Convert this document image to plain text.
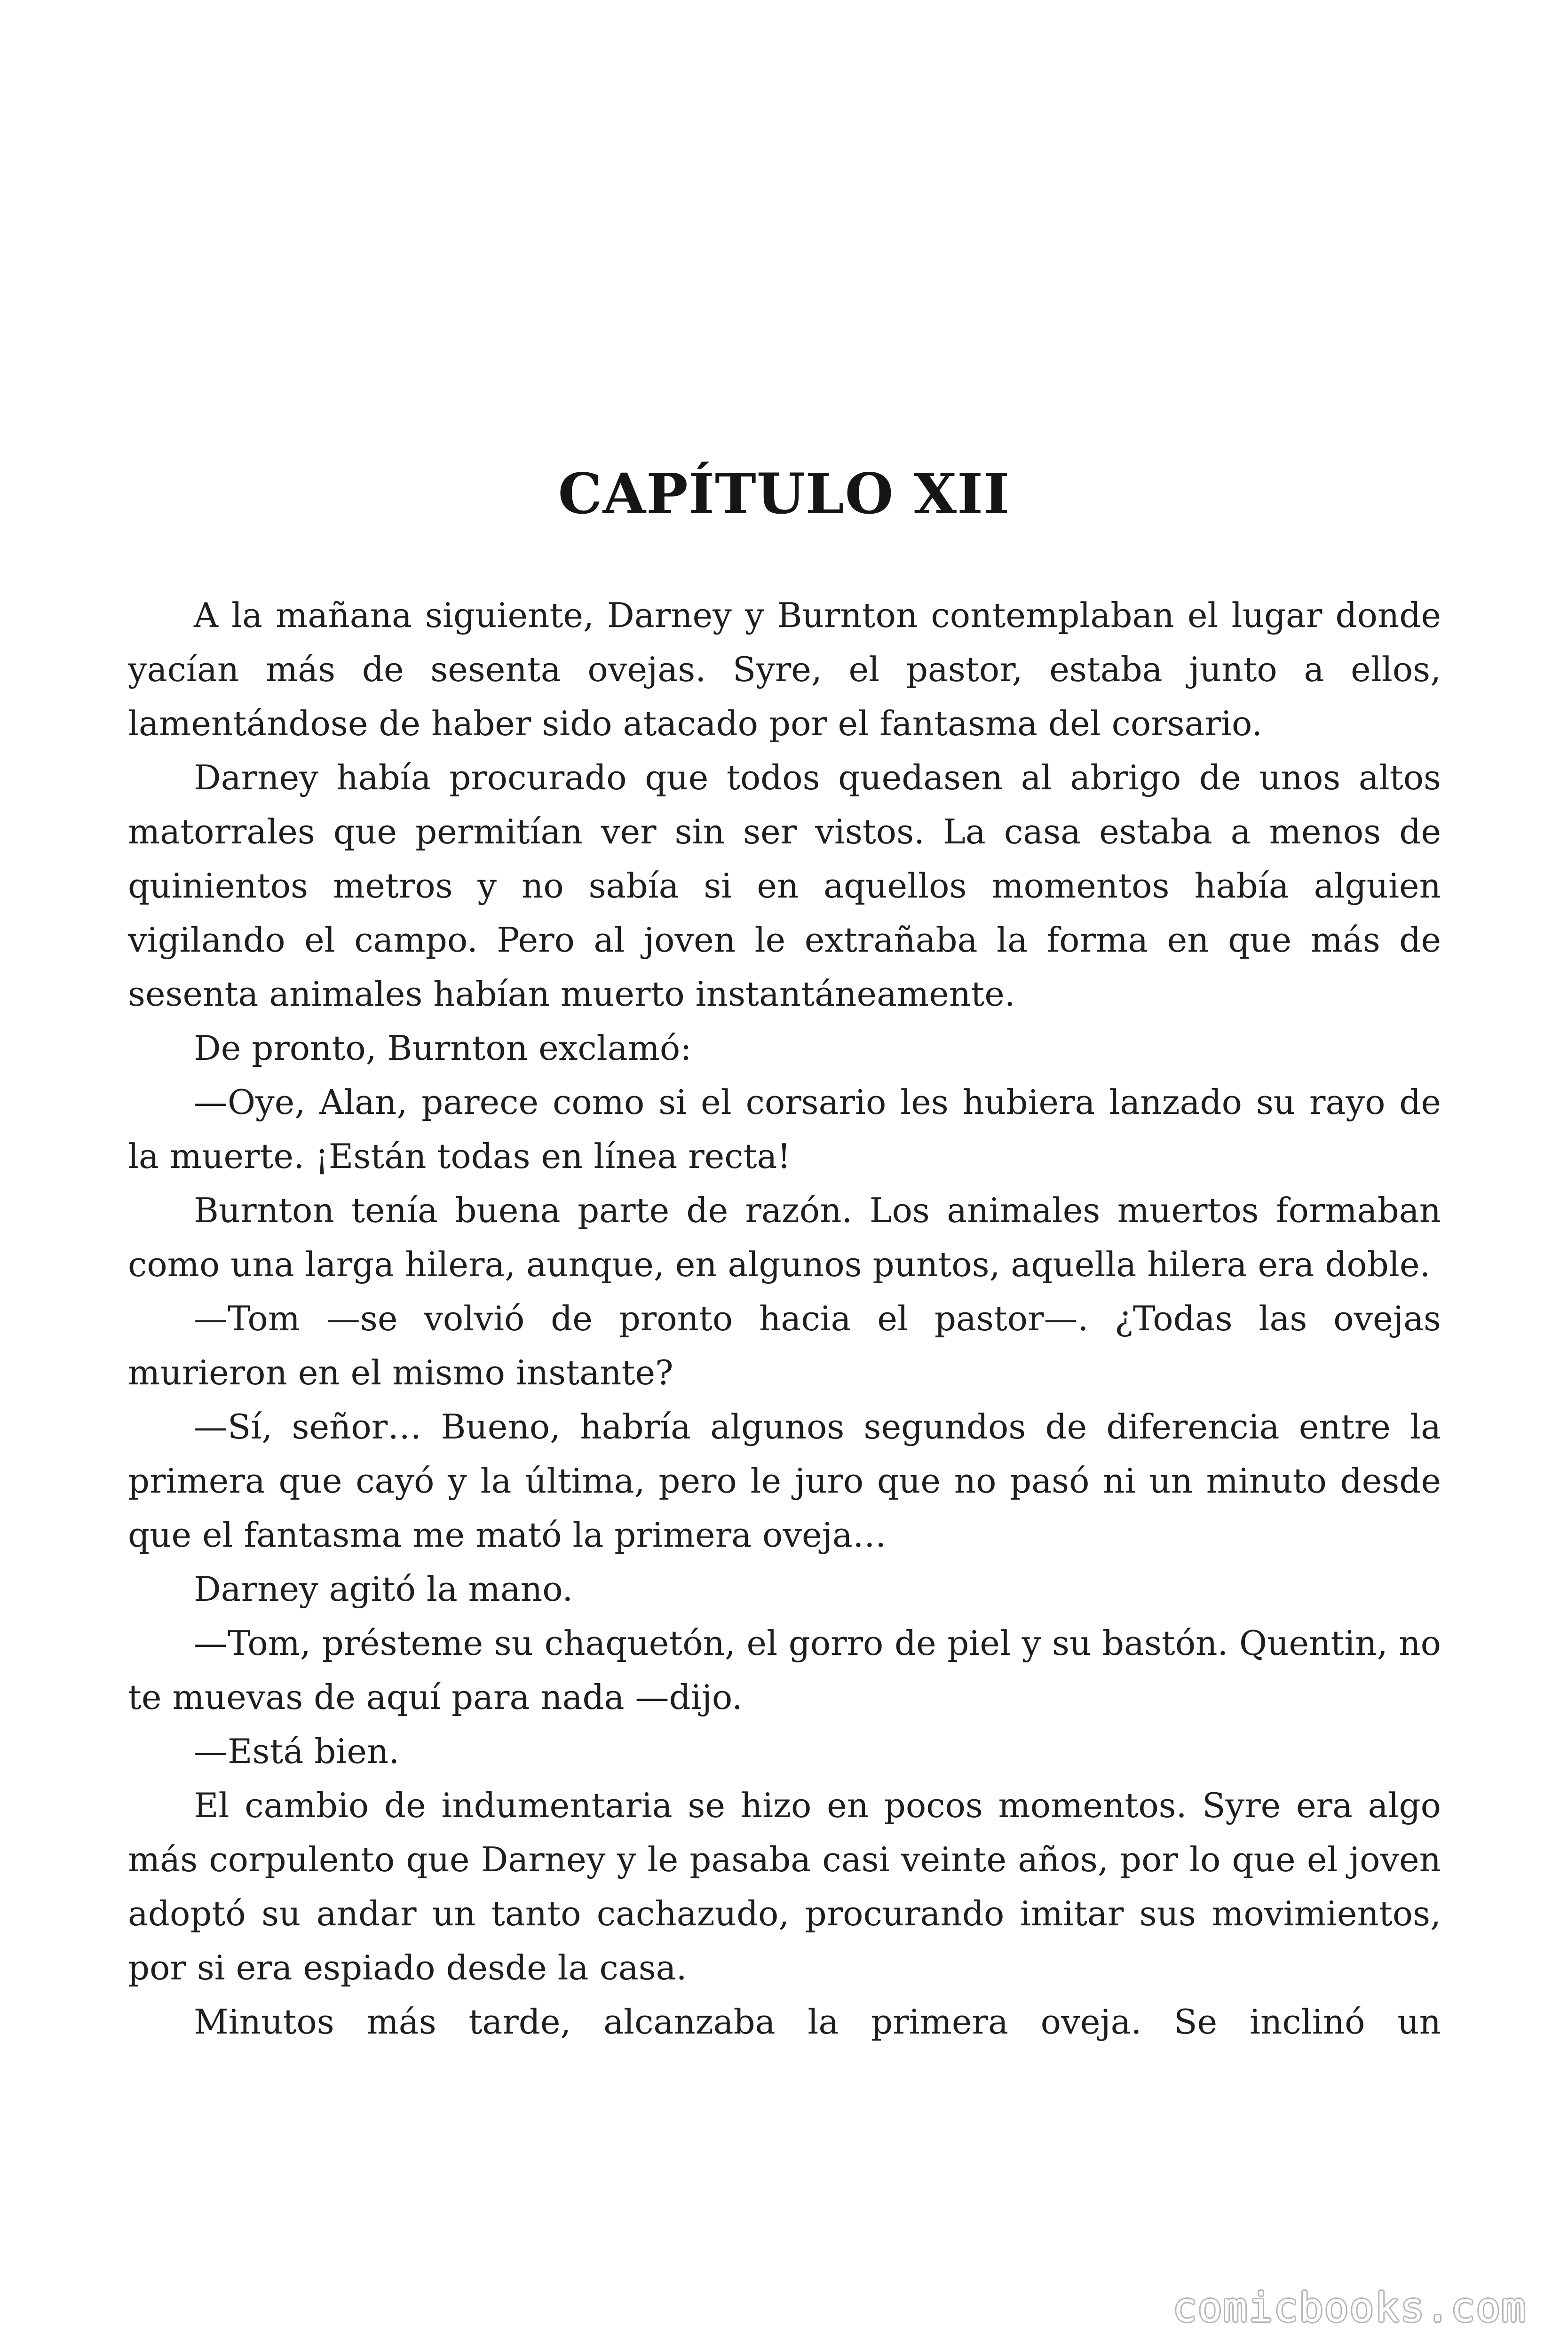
CAPÍTULO XII

A la mañana siguiente, Darney y Burnton contemplaban el lugar donde yacían más de sesenta ovejas. Syre, el pastor, estaba junto a ellos, lamentándose de haber sido atacado por el fantasma del corsario.

Darney había procurado que todos quedasen al abrigo de unos altos matorrales que permitían ver sin ser vistos. La casa estaba a menos de quinientos metros y no sabía si en aquellos momentos había alguien vigilando el campo. Pero al joven le extrañaba la forma en que más de sesenta animales habían muerto instantáneamente.

De pronto, Burnton exclamó:

—Oye, Alan, parece como si el corsario les hubiera lanzado su rayo de la muerte. ¡Están todas en línea recta!

Burnton tenía buena parte de razón. Los animales muertos formaban como una larga hilera, aunque, en algunos puntos, aquella hilera era doble.

—Tom —se volvió de pronto hacia el pastor—. ¿Todas las ovejas murieron en el mismo instante?

—Sí, señor… Bueno, habría algunos segundos de diferencia entre la primera que cayó y la última, pero le juro que no pasó ni un minuto desde que el fantasma me mató la primera oveja…

Darney agitó la mano.

—Tom, présteme su chaquetón, el gorro de piel y su bastón. Quentin, no te muevas de aquí para nada —dijo.

—Está bien.

El cambio de indumentaria se hizo en pocos momentos. Syre era algo más corpulento que Darney y le pasaba casi veinte años, por lo que el joven adoptó su andar un tanto cachazudo, procurando imitar sus movimientos, por si era espiado desde la casa.

Minutos más tarde, alcanzaba la primera oveja. Se inclinó un

comicbooks.com
